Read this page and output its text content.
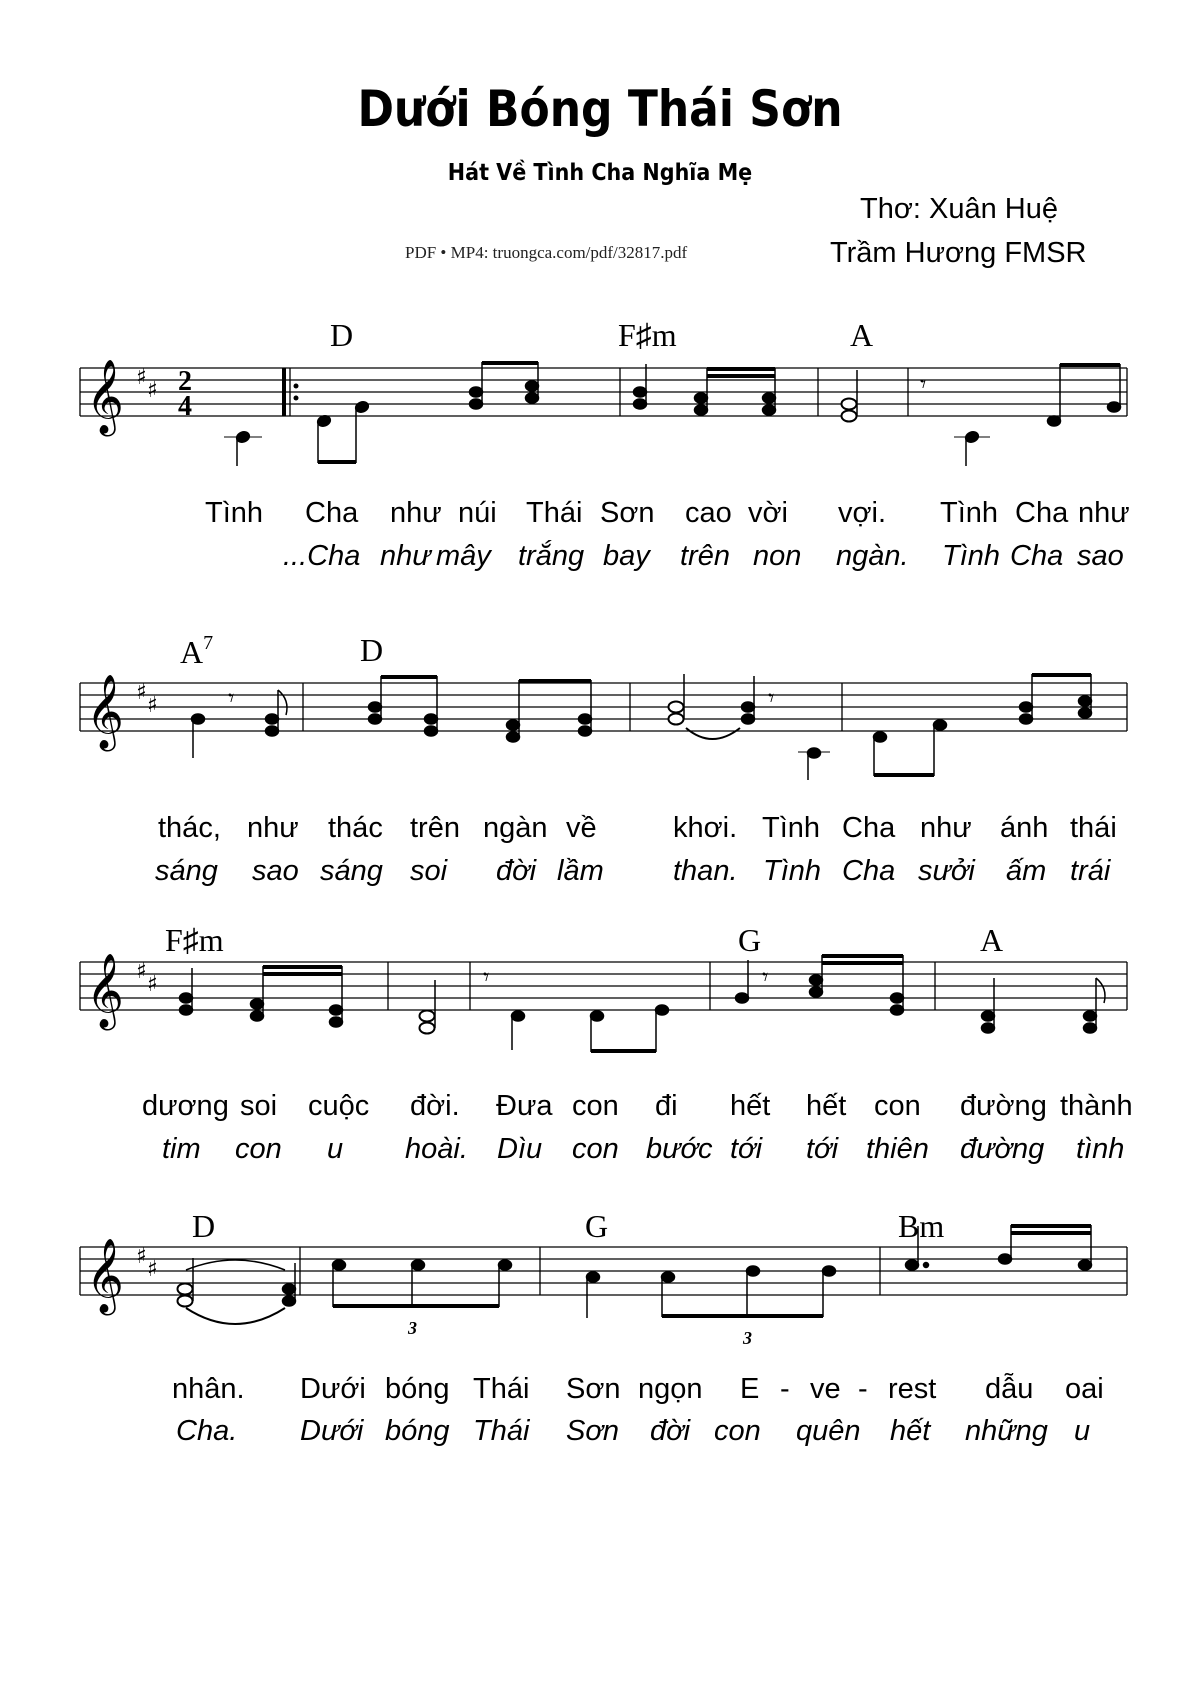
Dưới Bóng Thái Sơn
Hát Về Tình Cha Nghĩa Mẹ
Thơ: Xuân Huệ
Trầm Hương FMSR
PDF • MP4: truongca.com/pdf/32817.pdf
D	F♯m	A
𝄞 ♯
♯ 2
4
𝄾
Tình Cha như núi Thái Sơn cao vời vợi. Tình Cha như
...Cha như mây trắng bay trên non ngàn. Tình Cha sao
$A^7$	D
𝄞 ♯
♯	𝄾	𝄾
thác, như thác trên ngàn về	khơi. Tình Cha như ánh thái
sáng sao sáng soi đời lầm than. Tình Cha sưởi ấm trái
F♯m	G	A
𝄞 ♯
♯	𝄾	𝄾
dương soi cuộc đời. Đưa con đi hết hết con đường thành
tim con u hoài. Dìu con bước tới tới thiên đường tình
D	G	Bm
𝄞 ♯
♯
3	3
nhân. Dưới bóng Thái Sơn ngọn E - ve - rest dẫu oai
Cha. Dưới bóng Thái Sơn đời con quên hết những u
